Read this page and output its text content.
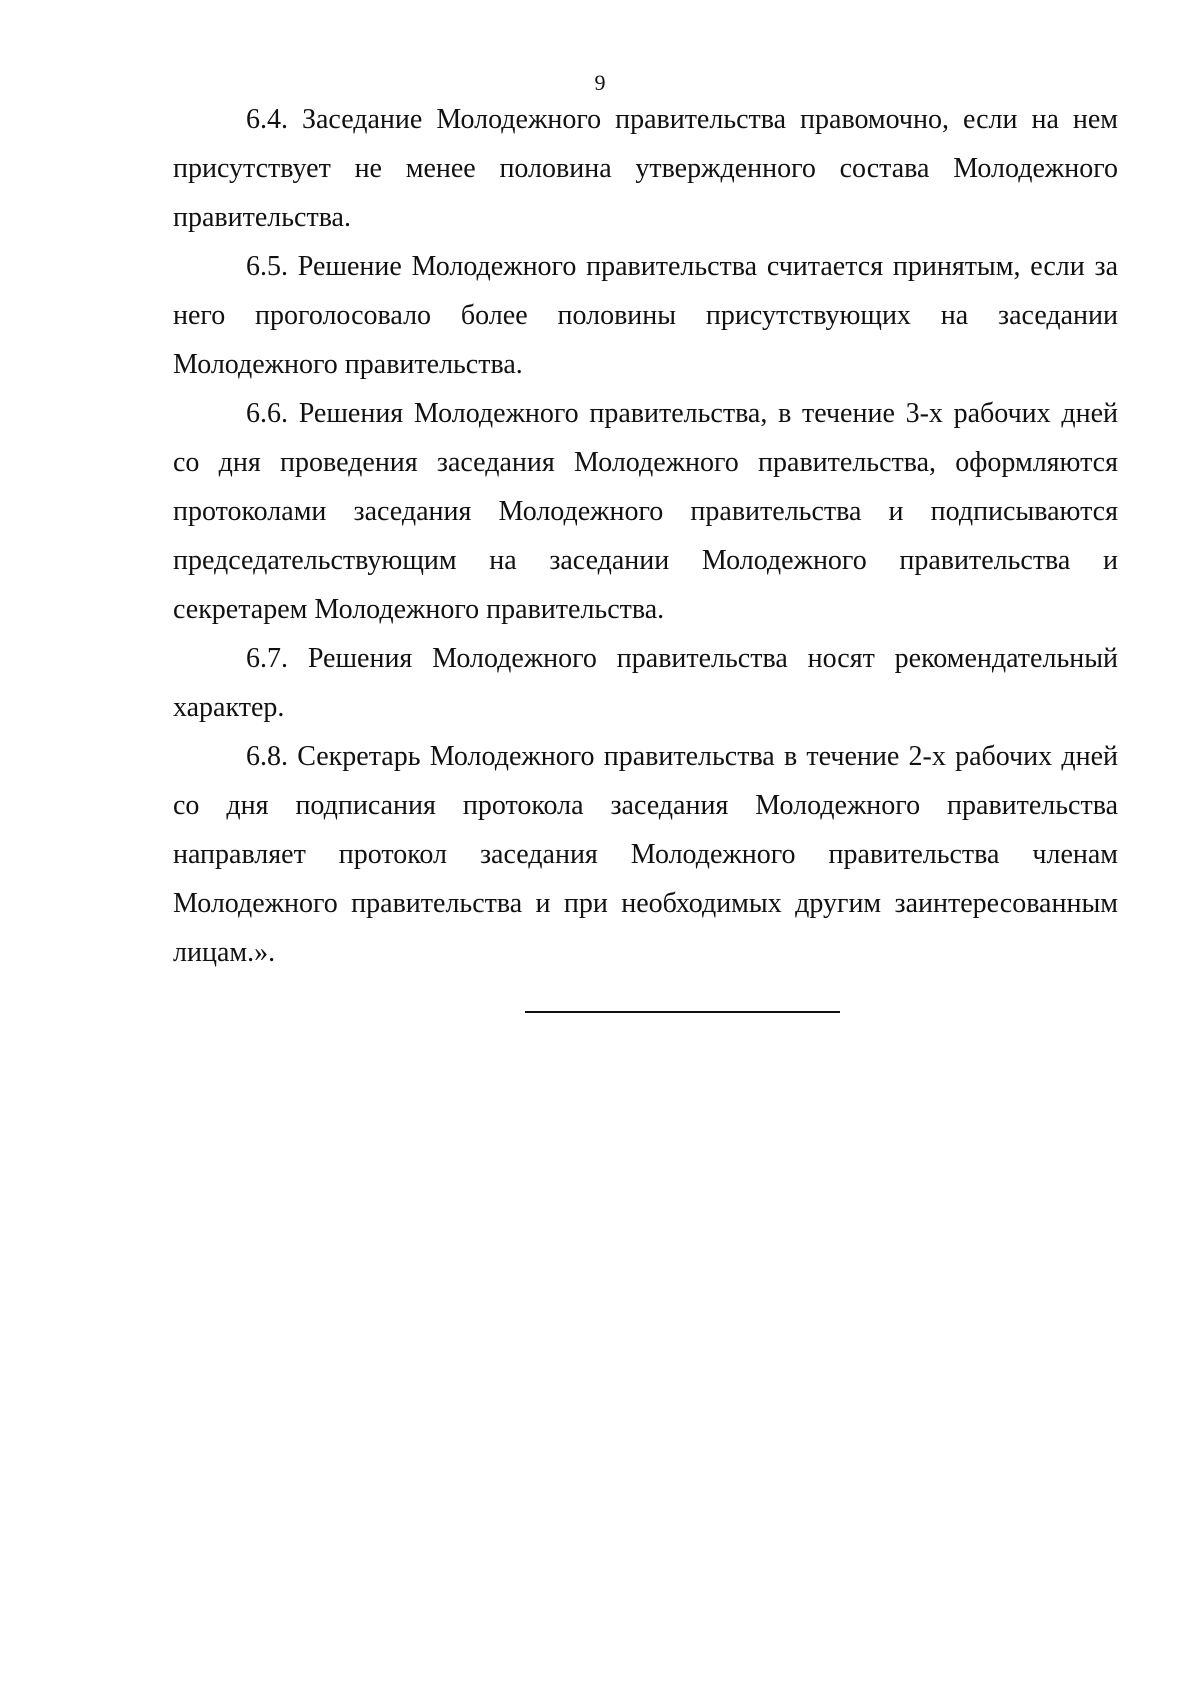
9

6.4. Заседание Молодежного правительства правомочно, если на нем присутствует не менее половина утвержденного состава Молодежного правительства.

6.5. Решение Молодежного правительства считается принятым, если за него проголосовало более половины присутствующих на заседании Молодежного правительства.

6.6. Решения Молодежного правительства, в течение 3-х рабочих дней со дня проведения заседания Молодежного правительства, оформляются протоколами заседания Молодежного правительства и подписываются председательствующим на заседании Молодежного правительства и секретарем Молодежного правительства.

6.7. Решения Молодежного правительства носят рекомендательный характер.

6.8. Секретарь Молодежного правительства в течение 2-х рабочих дней со дня подписания протокола заседания Молодежного правительства направляет протокол заседания Молодежного правительства членам Молодежного правительства и при необходимых другим заинтересованным лицам.».
